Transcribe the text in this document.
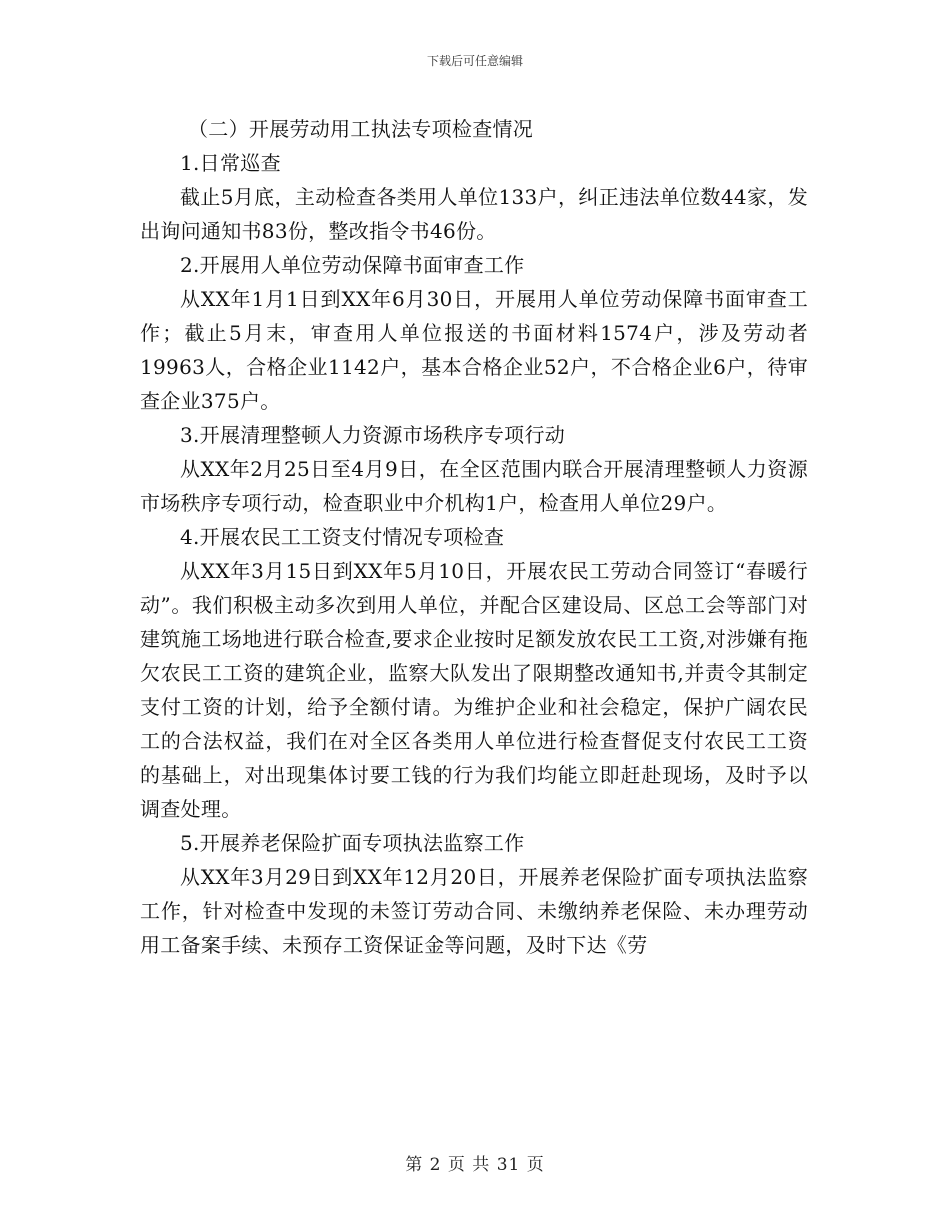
下载后可任意编辑

（二）开展劳动用工执法专项检查情况

1.日常巡查

截止5月底，主动检查各类用人单位133户，纠正违法单位数44家，发出询问通知书83份，整改指令书46份。

2.开展用人单位劳动保障书面审查工作

从XX年1月1日到XX年6月30日，开展用人单位劳动保障书面审查工作；截止5月末，审查用人单位报送的书面材料1574户，涉及劳动者19963人，合格企业1142户，基本合格企业52户，不合格企业6户，待审查企业375户。

3.开展清理整顿人力资源市场秩序专项行动

从XX年2月25日至4月9日，在全区范围内联合开展清理整顿人力资源市场秩序专项行动，检查职业中介机构1户，检查用人单位29户。

4.开展农民工工资支付情况专项检查

从XX年3月15日到XX年5月10日，开展农民工劳动合同签订“春暖行动”。我们积极主动多次到用人单位，并配合区建设局、区总工会等部门对建筑施工场地进行联合检查,要求企业按时足额发放农民工工资,对涉嫌有拖欠农民工工资的建筑企业，监察大队发出了限期整改通知书,并责令其制定支付工资的计划，给予全额付请。为维护企业和社会稳定，保护广阔农民工的合法权益，我们在对全区各类用人单位进行检查督促支付农民工工资的基础上，对出现集体讨要工钱的行为我们均能立即赶赴现场，及时予以调查处理。

5.开展养老保险扩面专项执法监察工作

从XX年3月29日到XX年12月20日，开展养老保险扩面专项执法监察工作，针对检查中发现的未签订劳动合同、未缴纳养老保险、未办理劳动用工备案手续、未预存工资保证金等问题，及时下达《劳

第 2 页 共 31 页
